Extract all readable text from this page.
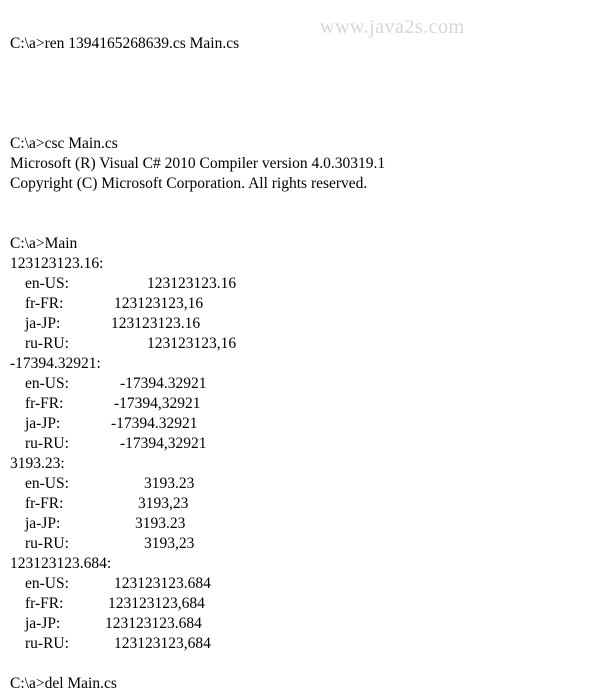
www.java2s.com
C:\a>ren 1394165268639.cs Main.cs
C:\a>csc Main.cs
Microsoft (R) Visual C# 2010 Compiler version 4.0.30319.1
Copyright (C) Microsoft Corporation. All rights reserved.
C:\a>Main
123123123.16:
en-US:	123123123.16
fr-FR:	123123123,16
ja-JP:	123123123.16
ru-RU:	123123123,16
-17394.32921:
en-US:	-17394.32921
fr-FR:	-17394,32921
ja-JP:	-17394.32921
ru-RU:	-17394,32921
3193.23:
en-US:	3193.23
fr-FR:	3193,23
ja-JP:	3193.23
ru-RU:	3193,23
123123123.684:
en-US:	123123123.684
fr-FR:	123123123,684
ja-JP:	123123123.684
ru-RU:	123123123,684
C:\a>del Main.cs
